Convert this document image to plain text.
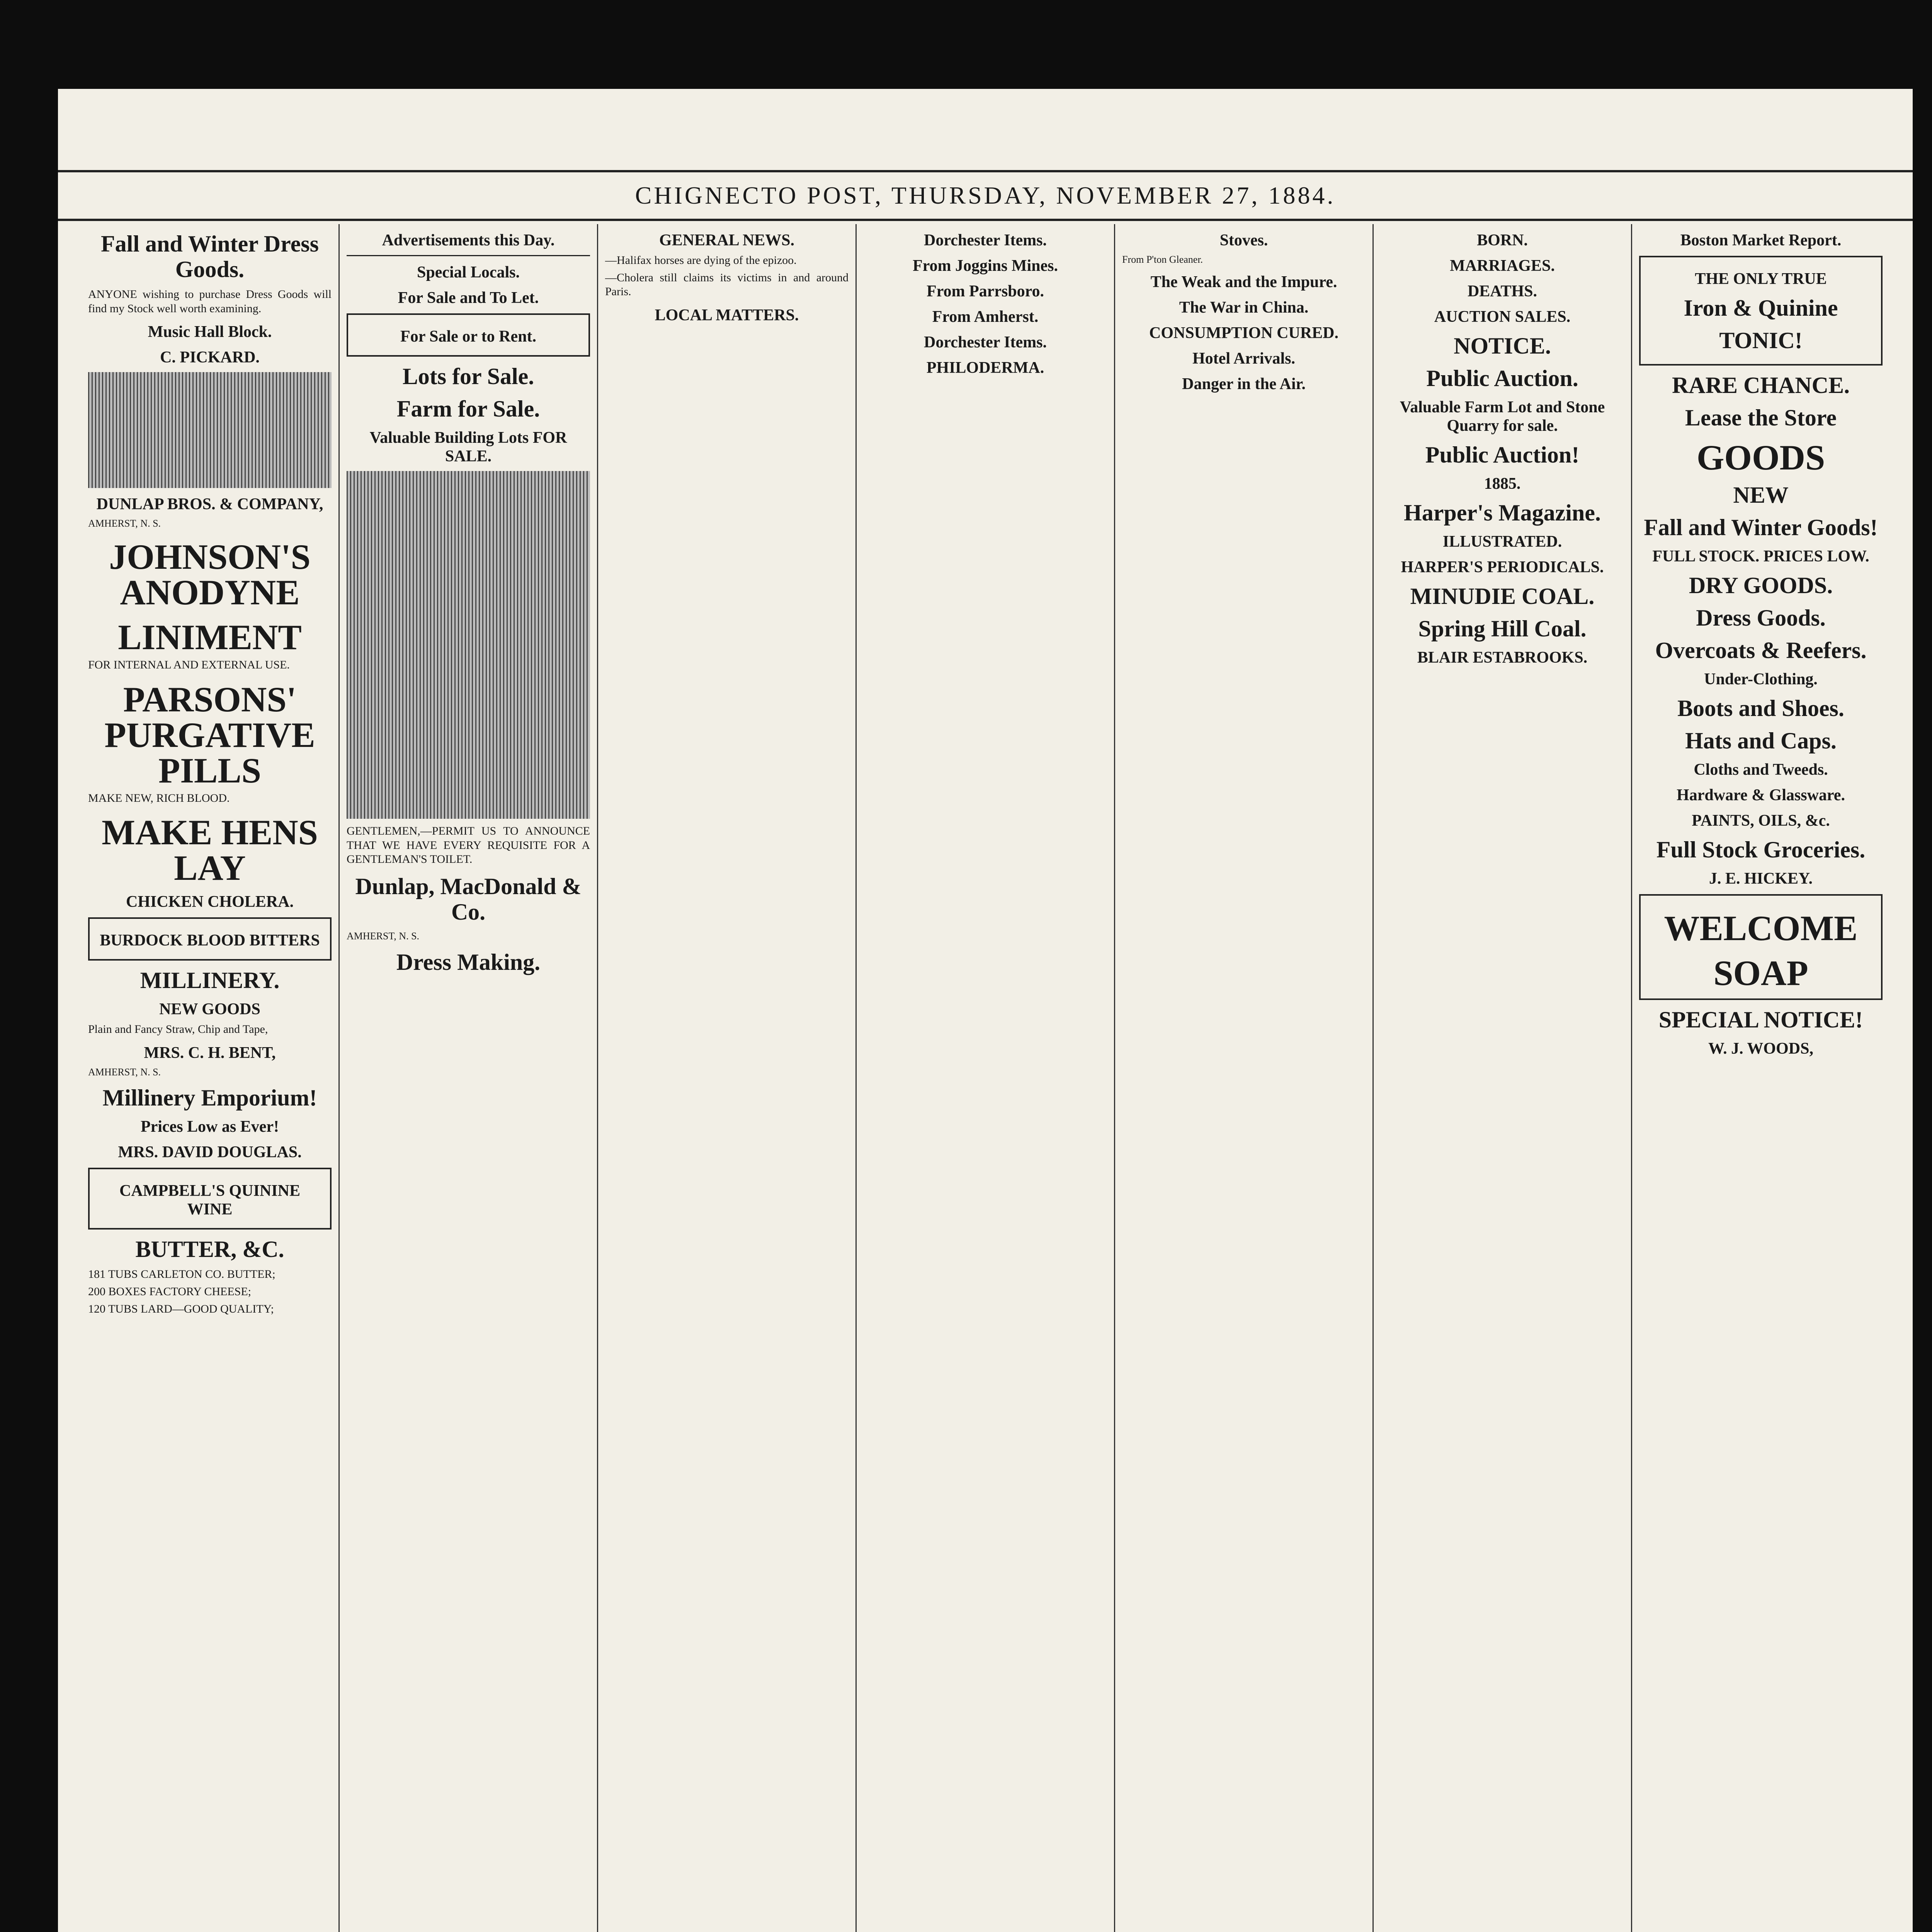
CHIGNECTO POST, THURSDAY, NOVEMBER 27, 1884.
Fall and Winter Dress Goods.

ANYONE wishing to purchase Dress Goods will find my Stock well worth examining.

Music Hall Block.
C. PICKARD.
DUNLAP BROS. & COMPANY,

AMHERST, N. S.

JOHNSON'S ANODYNE
LINIMENT

FOR INTERNAL AND EXTERNAL USE.

PARSONS' PURGATIVE PILLS

MAKE NEW, RICH BLOOD.

MAKE HENS LAY
CHICKEN CHOLERA.
BURDOCK BLOOD BITTERS
MILLINERY.
NEW GOODS

Plain and Fancy Straw, Chip and Tape,

MRS. C. H. BENT,

AMHERST, N. S.

Millinery Emporium!
Prices Low as Ever!
MRS. DAVID DOUGLAS.
CAMPBELL'S QUININE WINE
BUTTER, &C.

181 TUBS CARLETON CO. BUTTER;

200 BOXES FACTORY CHEESE;

120 TUBS LARD—GOOD QUALITY;

Advertisements this Day.
Special Locals.
For Sale and To Let.
For Sale or to Rent.
Lots for Sale.
Farm for Sale.
Valuable Building Lots FOR SALE.

GENTLEMEN,—PERMIT US TO ANNOUNCE THAT WE HAVE EVERY REQUISITE FOR A GENTLEMAN'S TOILET.

Dunlap, MacDonald & Co.

AMHERST, N. S.

Dress Making.
GENERAL NEWS.

—Halifax horses are dying of the epizoo.

—Cholera still claims its victims in and around Paris.

LOCAL MATTERS.
Dorchester Items.
From Joggins Mines.
From Parrsboro.
From Amherst.
Dorchester Items.
PHILODERMA.
Stoves.

From P'ton Gleaner.

The Weak and the Impure.
The War in China.
CONSUMPTION CURED.
Hotel Arrivals.
Danger in the Air.
BORN.
MARRIAGES.
DEATHS.
AUCTION SALES.
NOTICE.
Public Auction.
Valuable Farm Lot and Stone Quarry for sale.
Public Auction!
1885.
Harper's Magazine.
ILLUSTRATED.
HARPER'S PERIODICALS.
MINUDIE COAL.
Spring Hill Coal.
BLAIR ESTABROOKS.
Boston Market Report.
THE ONLY TRUE
Iron & Quinine
TONIC!
RARE CHANCE.
Lease the Store
GOODS
NEW
Fall and Winter Goods!
FULL STOCK. PRICES LOW.
DRY GOODS.
Dress Goods.
Overcoats & Reefers.
Under-Clothing.
Boots and Shoes.
Hats and Caps.
Cloths and Tweeds.
Hardware & Glassware.
PAINTS, OILS, &c.
Full Stock Groceries.
J. E. HICKEY.
WELCOME
SOAP
SPECIAL NOTICE!
W. J. WOODS,
